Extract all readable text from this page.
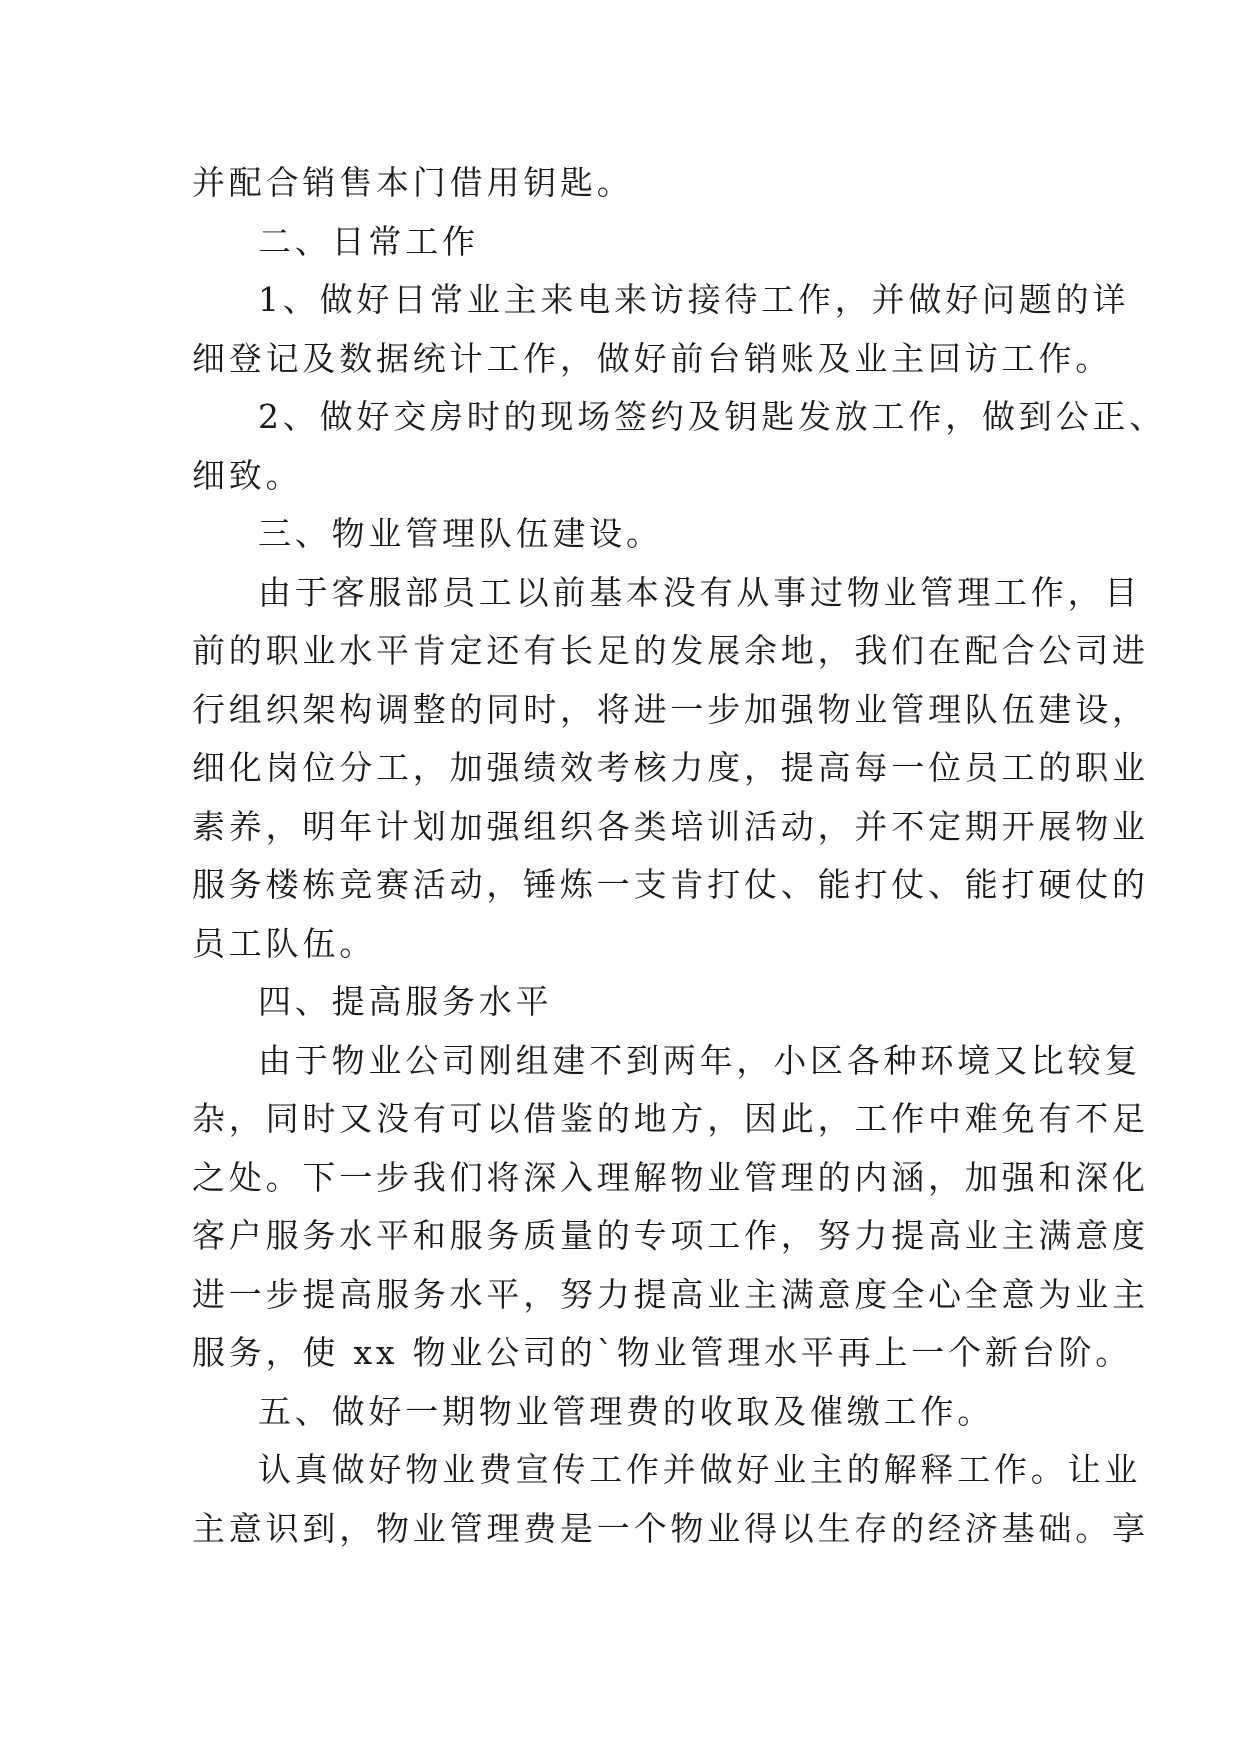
并配合销售本门借用钥匙。
二、日常工作
1、做好日常业主来电来访接待工作，并做好问题的详
细登记及数据统计工作，做好前台销账及业主回访工作。
2、做好交房时的现场签约及钥匙发放工作，做到公正、
细致。
三、物业管理队伍建设。
由于客服部员工以前基本没有从事过物业管理工作，目
前的职业水平肯定还有长足的发展余地，我们在配合公司进
行组织架构调整的同时，将进一步加强物业管理队伍建设，
细化岗位分工，加强绩效考核力度，提高每一位员工的职业
素养，明年计划加强组织各类培训活动，并不定期开展物业
服务楼栋竞赛活动，锤炼一支肯打仗、能打仗、能打硬仗的
员工队伍。
四、提高服务水平
由于物业公司刚组建不到两年，小区各种环境又比较复
杂，同时又没有可以借鉴的地方，因此，工作中难免有不足
之处。下一步我们将深入理解物业管理的内涵，加强和深化
客户服务水平和服务质量的专项工作，努力提高业主满意度
进一步提高服务水平，努力提高业主满意度全心全意为业主
服务，使 xx 物业公司的`物业管理水平再上一个新台阶。
五、做好一期物业管理费的收取及催缴工作。
认真做好物业费宣传工作并做好业主的解释工作。让业
主意识到，物业管理费是一个物业得以生存的经济基础。享
